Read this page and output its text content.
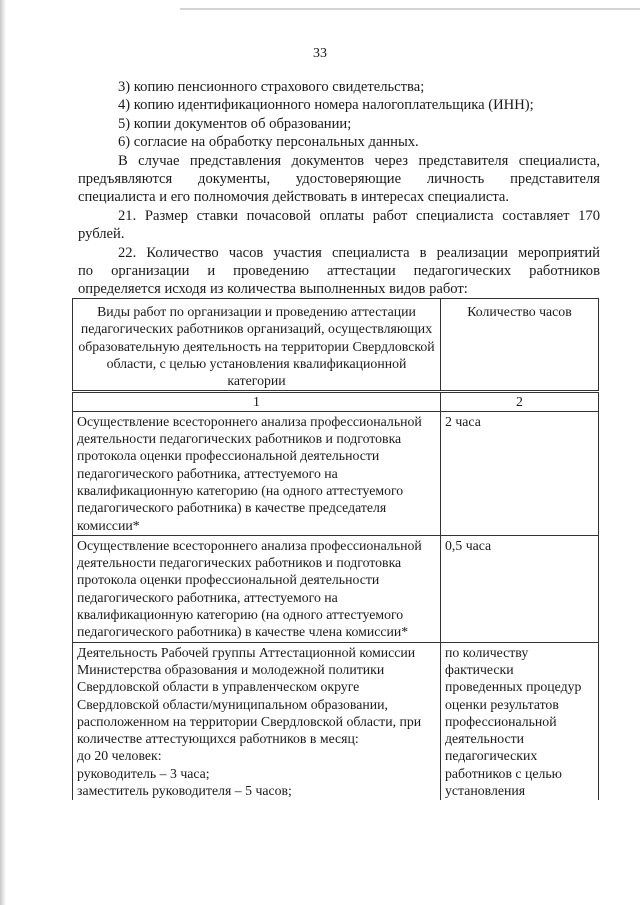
33

3) копию пенсионного страхового свидетельства;

4) копию идентификационного номера налогоплательщика (ИНН);

5) копии документов об образовании;

6) согласие на обработку персональных данных.

В случае представления документов через представителя специалиста,

предъявляются документы, удостоверяющие личность представителя

специалиста и его полномочия действовать в интересах специалиста.

21. Размер ставки почасовой оплаты работ специалиста составляет 170

рублей.

22. Количество часов участия специалиста в реализации мероприятий

по организации и проведению аттестации педагогических работников

определяется исходя из количества выполненных видов работ:

Виды работ по организации и проведению аттестации педагогических работников организаций, осуществляющих образовательную деятельность на территории Свердловской области, с целью установления квалификационной категории	Количество часов
1	2
Осуществление всестороннего анализа профессиональной деятельности педагогических работников и подготовка протокола оценки профессиональной деятельности педагогического работника, аттестуемого на квалификационную категорию (на одного аттестуемого педагогического работника) в качестве председателя комиссии*	2 часа
Осуществление всестороннего анализа профессиональной деятельности педагогических работников и подготовка протокола оценки профессиональной деятельности педагогического работника, аттестуемого на квалификационную категорию (на одного аттестуемого педагогического работника) в качестве члена комиссии*	0,5 часа

Деятельность Рабочей группы Аттестационной комиссии Министерства образования и молодежной политики Свердловской области в управленческом округе Свердловской области/муниципальном образовании, расположенном на территории Свердловской области, при количестве аттестующихся работников в месяц:
до 20 человек:
руководитель – 3 часа;
заместитель руководителя – 5 часов;	по количеству фактически проведенных процедур оценки результатов профессиональной деятельности педагогических работников с целью установления
